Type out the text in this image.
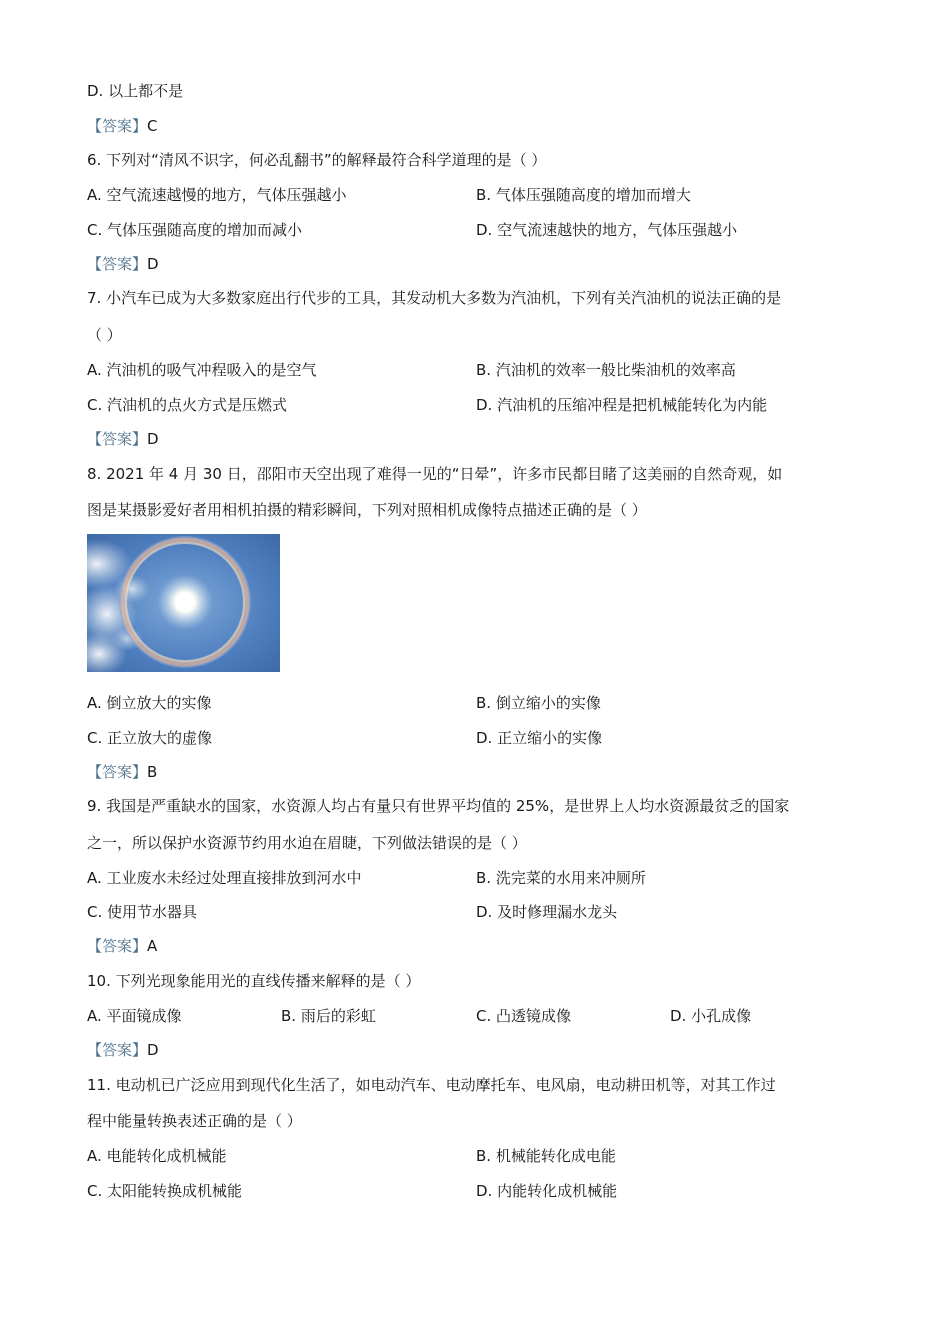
D. 以上都不是
【答案】C
6. 下列对“清风不识字，何必乱翻书”的解释最符合科学道理的是（ ）
A. 空气流速越慢的地方，气体压强越小	B. 气体压强随高度的增加而增大
C. 气体压强随高度的增加而减小	D. 空气流速越快的地方，气体压强越小
【答案】D
7. 小汽车已成为大多数家庭出行代步的工具，其发动机大多数为汽油机，下列有关汽油机的说法正确的是
（ ）
A. 汽油机的吸气冲程吸入的是空气	B. 汽油机的效率一般比柴油机的效率高
C. 汽油机的点火方式是压燃式	D. 汽油机的压缩冲程是把机械能转化为内能
【答案】D
8. 2021 年 4 月 30 日，邵阳市天空出现了难得一见的“日晕”，许多市民都目睹了这美丽的自然奇观，如
图是某摄影爱好者用相机拍摄的精彩瞬间，下列对照相机成像特点描述正确的是（ ）
A. 倒立放大的实像	B. 倒立缩小的实像
C. 正立放大的虚像	D. 正立缩小的实像
【答案】B
9. 我国是严重缺水的国家，水资源人均占有量只有世界平均值的 25%，是世界上人均水资源最贫乏的国家
之一，所以保护水资源节约用水迫在眉睫，下列做法错误的是（ ）
A. 工业废水未经过处理直接排放到河水中	B. 洗完菜的水用来冲厕所
C. 使用节水器具	D. 及时修理漏水龙头
【答案】A
10. 下列光现象能用光的直线传播来解释的是（ ）
A. 平面镜成像	B. 雨后的彩虹	C. 凸透镜成像	D. 小孔成像
【答案】D
11. 电动机已广泛应用到现代化生活了，如电动汽车、电动摩托车、电风扇，电动耕田机等，对其工作过
程中能量转换表述正确的是（ ）
A. 电能转化成机械能	B. 机械能转化成电能
C. 太阳能转换成机械能	D. 内能转化成机械能
